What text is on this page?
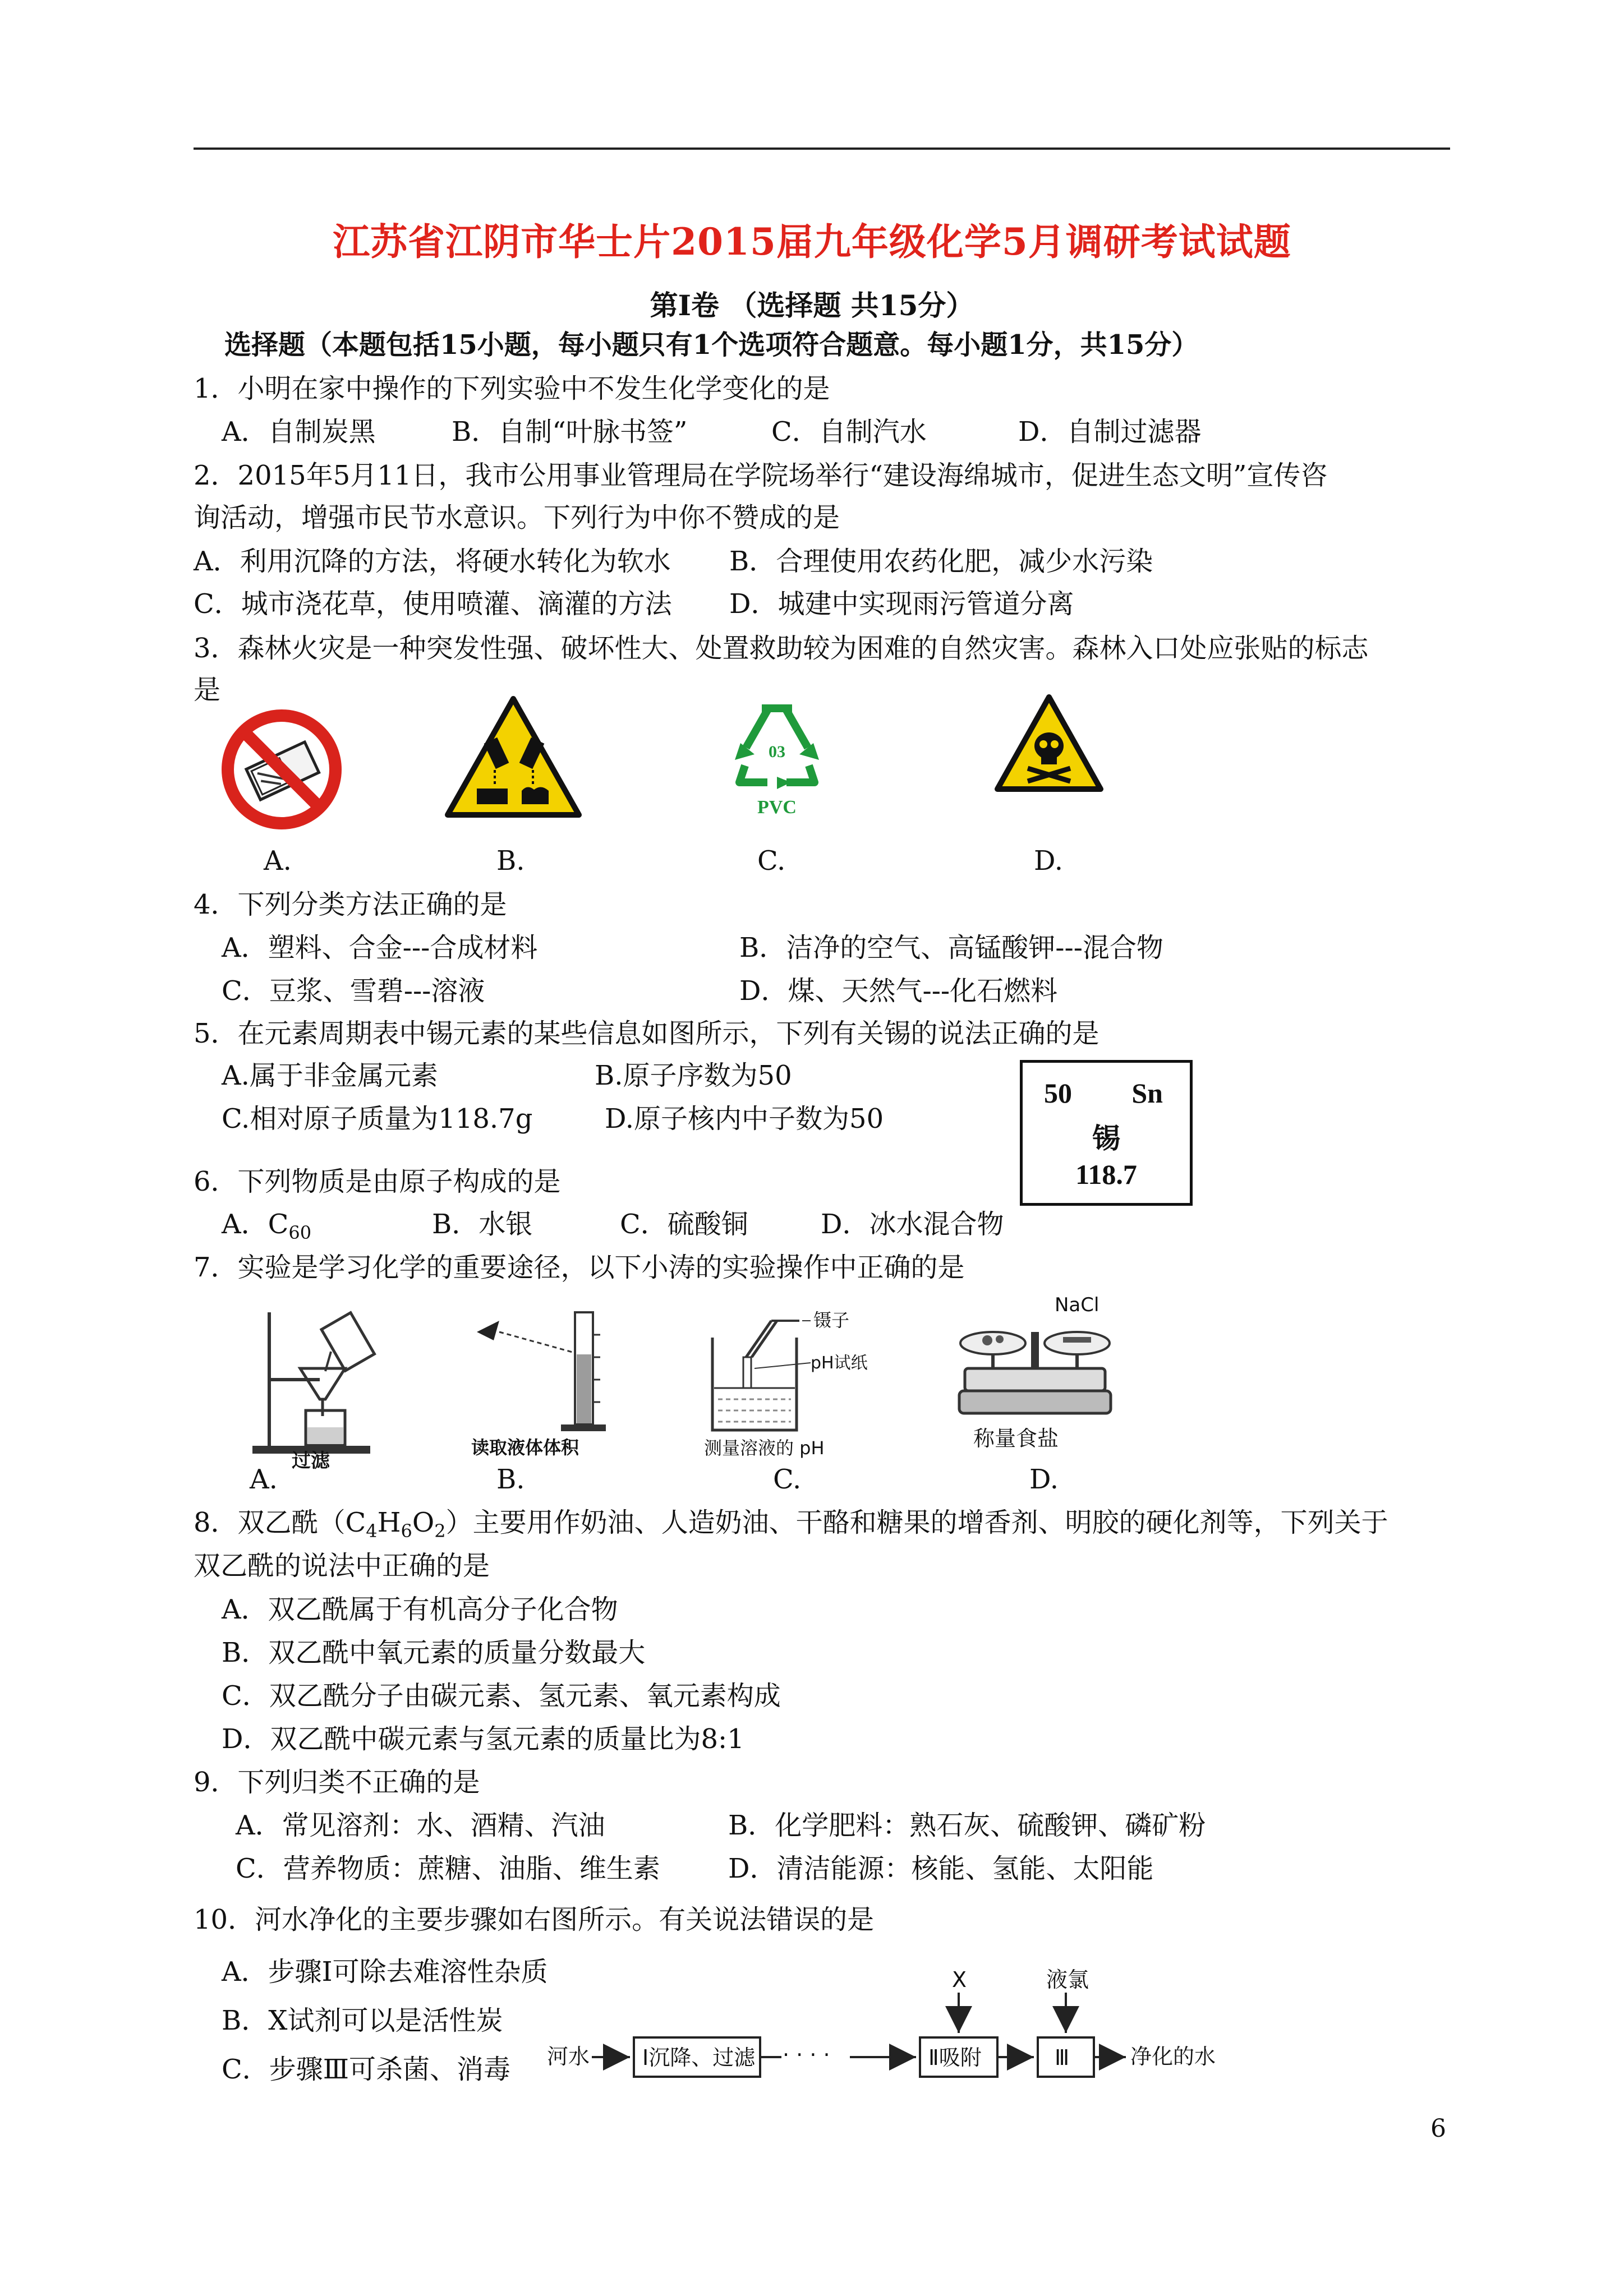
江苏省江阴市华士片2015届九年级化学5月调研考试试题
第Ⅰ卷 （选择题 共15分）
选择题（本题包括15小题，每小题只有1个选项符合题意。每小题1分，共15分）
1．小明在家中操作的下列实验中不发生化学变化的是
A．自制炭黑	B．自制“叶脉书签”	C．自制汽水	D．自制过滤器
2．2015年5月11日，我市公用事业管理局在学院场举行“建设海绵城市，促进生态文明”宣传咨
询活动，增强市民节水意识。下列行为中你不赞成的是
A．利用沉降的方法，将硬水转化为软水 B．合理使用农药化肥，减少水污染
C．城市浇花草，使用喷灌、滴灌的方法 D．城建中实现雨污管道分离
3．森林火灾是一种突发性强、破坏性大、处置救助较为困难的自然灾害。森林入口处应张贴的标志
是
03
PVC
A.	B.	C.	D.
4．下列分类方法正确的是
A．塑料、合金---合成材料	B．洁净的空气、高锰酸钾---混合物
C．豆浆、雪碧---溶液	D．煤、天然气---化石燃料
5．在元素周期表中锡元素的某些信息如图所示，下列有关锡的说法正确的是
A.属于非金属元素	B.原子序数为50
C.相对原子质量为118.7g	D.原子核内中子数为50
50 Sn
锡
118.7
6．下列物质是由原子构成的是
A．$C_{60}$	B．水银	C．硫酸铜	D．冰水混合物
7．实验是学习化学的重要途径，以下小涛的实验操作中正确的是
过滤
读取液体体积
镊子
pH试纸
测量溶液的 pH
NaCl
称量食盐
A.	B.	C.	D.
8．双乙酰$(C_4H_6O_2)$主要用作奶油、人造奶油、干酪和糖果的增香剂、明胶的硬化剂等，下列关于
双乙酰的说法中正确的是
A．双乙酰属于有机高分子化合物
B．双乙酰中氧元素的质量分数最大
C．双乙酰分子由碳元素、氢元素、氧元素构成
D．双乙酰中碳元素与氢元素的质量比为8:1
9．下列归类不正确的是
A．常见溶剂：水、酒精、汽油	B．化学肥料：熟石灰、硫酸钾、磷矿粉
C．营养物质：蔗糖、油脂、维生素	D．清洁能源：核能、氢能、太阳能
10．河水净化的主要步骤如右图所示。有关说法错误的是
A．步骤Ⅰ可除去难溶性杂质
B．X试剂可以是活性炭
C．步骤Ⅲ可杀菌、消毒 河水 Ⅰ沉降、过滤 · · · ·	Ⅱ吸附	Ⅲ	净化的水
X	液氯
6
